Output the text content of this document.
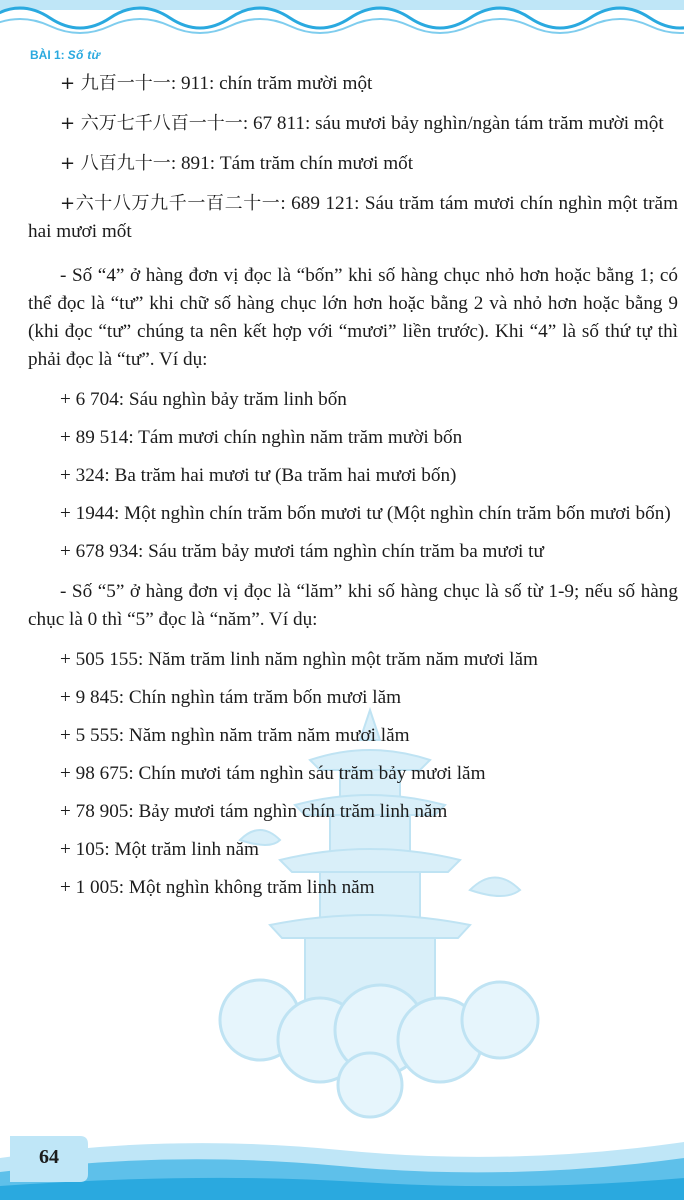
BÀI 1: Số từ

+ 九百一十一: 911: chín trăm mười một

+ 六万七千八百一十一: 67 811: sáu mươi bảy nghìn/ngàn tám trăm mười một

+ 八百九十一: 891: Tám trăm chín mươi mốt

+六十八万九千一百二十一: 689 121: Sáu trăm tám mươi chín nghìn một trăm hai mươi mốt

- Số “4” ở hàng đơn vị đọc là “bốn” khi số hàng chục nhỏ hơn hoặc bằng 1; có thể đọc là “tư” khi chữ số hàng chục lớn hơn hoặc bằng 2 và nhỏ hơn hoặc bằng 9 (khi đọc “tư” chúng ta nên kết hợp với “mươi” liền trước). Khi “4” là số thứ tự thì phải đọc là “tư”. Ví dụ:

+ 6 704: Sáu nghìn bảy trăm linh bốn

+ 89 514: Tám mươi chín nghìn năm trăm mười bốn

+ 324: Ba trăm hai mươi tư (Ba trăm hai mươi bốn)

+ 1944: Một nghìn chín trăm bốn mươi tư (Một nghìn chín trăm bốn mươi bốn)

+ 678 934: Sáu trăm bảy mươi tám nghìn chín trăm ba mươi tư

- Số “5” ở hàng đơn vị đọc là “lăm” khi số hàng chục là số từ 1-9; nếu số hàng chục là 0 thì “5” đọc là “năm”. Ví dụ:

+ 505 155: Năm trăm linh năm nghìn một trăm năm mươi lăm

+ 9 845: Chín nghìn tám trăm bốn mươi lăm

+ 5 555: Năm nghìn năm trăm năm mươi lăm

+ 98 675: Chín mươi tám nghìn sáu trăm bảy mươi lăm

+ 78 905: Bảy mươi tám nghìn chín trăm linh năm

+ 105: Một trăm linh năm

+ 1 005: Một nghìn không trăm linh năm

64
